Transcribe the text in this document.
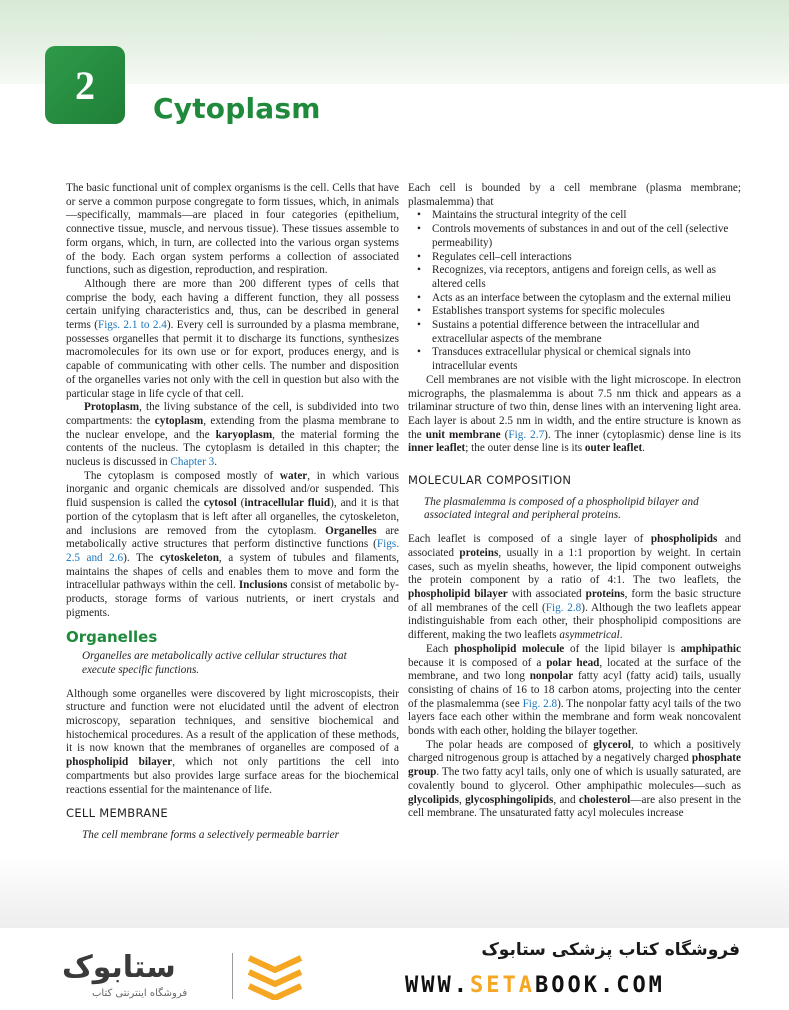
2
Cytoplasm

The basic functional unit of complex organisms is the cell. Cells that have or serve a common purpose congregate to form tissues, which, in animals—specifically, mammals—are placed in four categories (epithelium, connective tissue, muscle, and nervous tissue). These tissues assemble to form organs, which, in turn, are collected into the various organ systems of the body. Each organ system performs a collection of associated functions, such as digestion, reproduction, and respiration.

Although there are more than 200 different types of cells that comprise the body, each having a different function, they all possess certain unifying characteristics and, thus, can be described in general terms (Figs. 2.1 to 2.4). Every cell is surrounded by a plasma membrane, possesses organelles that permit it to discharge its functions, synthesizes macromolecules for its own use or for export, produces energy, and is capable of communicating with other cells. The number and disposition of the organelles varies not only with the cell in question but also with the particular stage in life cycle of that cell.

Protoplasm, the living substance of the cell, is subdivided into two compartments: the cytoplasm, extending from the plasma membrane to the nuclear envelope, and the karyoplasm, the material forming the contents of the nucleus. The cytoplasm is detailed in this chapter; the nucleus is discussed in Chapter 3.

The cytoplasm is composed mostly of water, in which various inorganic and organic chemicals are dissolved and/or suspended. This fluid suspension is called the cytosol (intracellular fluid), and it is that portion of the cytoplasm that is left after all organelles, the cytoskeleton, and inclusions are removed from the cytoplasm. Organelles are metabolically active structures that perform distinctive functions (Figs. 2.5 and 2.6). The cytoskeleton, a system of tubules and filaments, maintains the shapes of cells and enables them to move and form the intracellular pathways within the cell. Inclusions consist of metabolic by-products, storage forms of various nutrients, or inert crystals and pigments.

Organelles
Organelles are metabolically active cellular structures that execute specific functions.

Although some organelles were discovered by light microscopists, their structure and function were not elucidated until the advent of electron microscopy, separation techniques, and sensitive biochemical and histochemical procedures. As a result of the application of these methods, it is now known that the membranes of organelles are composed of a phospholipid bilayer, which not only partitions the cell into compartments but also provides large surface areas for the biochemical reactions essential for the maintenance of life.

CELL MEMBRANE
The cell membrane forms a selectively permeable barrier

Each cell is bounded by a cell membrane (plasma membrane; plasmalemma) that

• Maintains the structural integrity of the cell
• Controls movements of substances in and out of the cell (selective permeability)
• Regulates cell–cell interactions
• Recognizes, via receptors, antigens and foreign cells, as well as altered cells
• Acts as an interface between the cytoplasm and the external milieu
• Establishes transport systems for specific molecules
• Sustains a potential difference between the intracellular and extracellular aspects of the membrane
• Transduces extracellular physical or chemical signals into intracellular events

Cell membranes are not visible with the light microscope. In electron micrographs, the plasmalemma is about 7.5 nm thick and appears as a trilaminar structure of two thin, dense lines with an intervening light area. Each layer is about 2.5 nm in width, and the entire structure is known as the unit membrane (Fig. 2.7). The inner (cytoplasmic) dense line is its inner leaflet; the outer dense line is its outer leaflet.

MOLECULAR COMPOSITION
The plasmalemma is composed of a phospholipid bilayer and associated integral and peripheral proteins.

Each leaflet is composed of a single layer of phospholipids and associated proteins, usually in a 1:1 proportion by weight. In certain cases, such as myelin sheaths, however, the lipid component outweighs the protein component by a ratio of 4:1. The two leaflets, the phospholipid bilayer with associated proteins, form the basic structure of all membranes of the cell (Fig. 2.8). Although the two leaflets appear indistinguishable from each other, their phospholipid compositions are different, making the two leaflets asymmetrical.

Each phospholipid molecule of the lipid bilayer is amphipathic because it is composed of a polar head, located at the surface of the membrane, and two long nonpolar fatty acyl (fatty acid) tails, usually consisting of chains of 16 to 18 carbon atoms, projecting into the center of the plasmalemma (see Fig. 2.8). The nonpolar fatty acyl tails of the two layers face each other within the membrane and form weak noncovalent bonds with each other, holding the bilayer together.

The polar heads are composed of glycerol, to which a positively charged nitrogenous group is attached by a negatively charged phosphate group. The two fatty acyl tails, only one of which is usually saturated, are covalently bound to glycerol. Other amphipathic molecules—such as glycolipids, glycosphingolipids, and cholesterol—are also present in the cell membrane. The unsaturated fatty acyl molecules increase

ستابوک
فروشگاه اینترنتی کتاب
فروشگاه کتاب پزشکی ستابوک
WWW.SETABOOK.COM
